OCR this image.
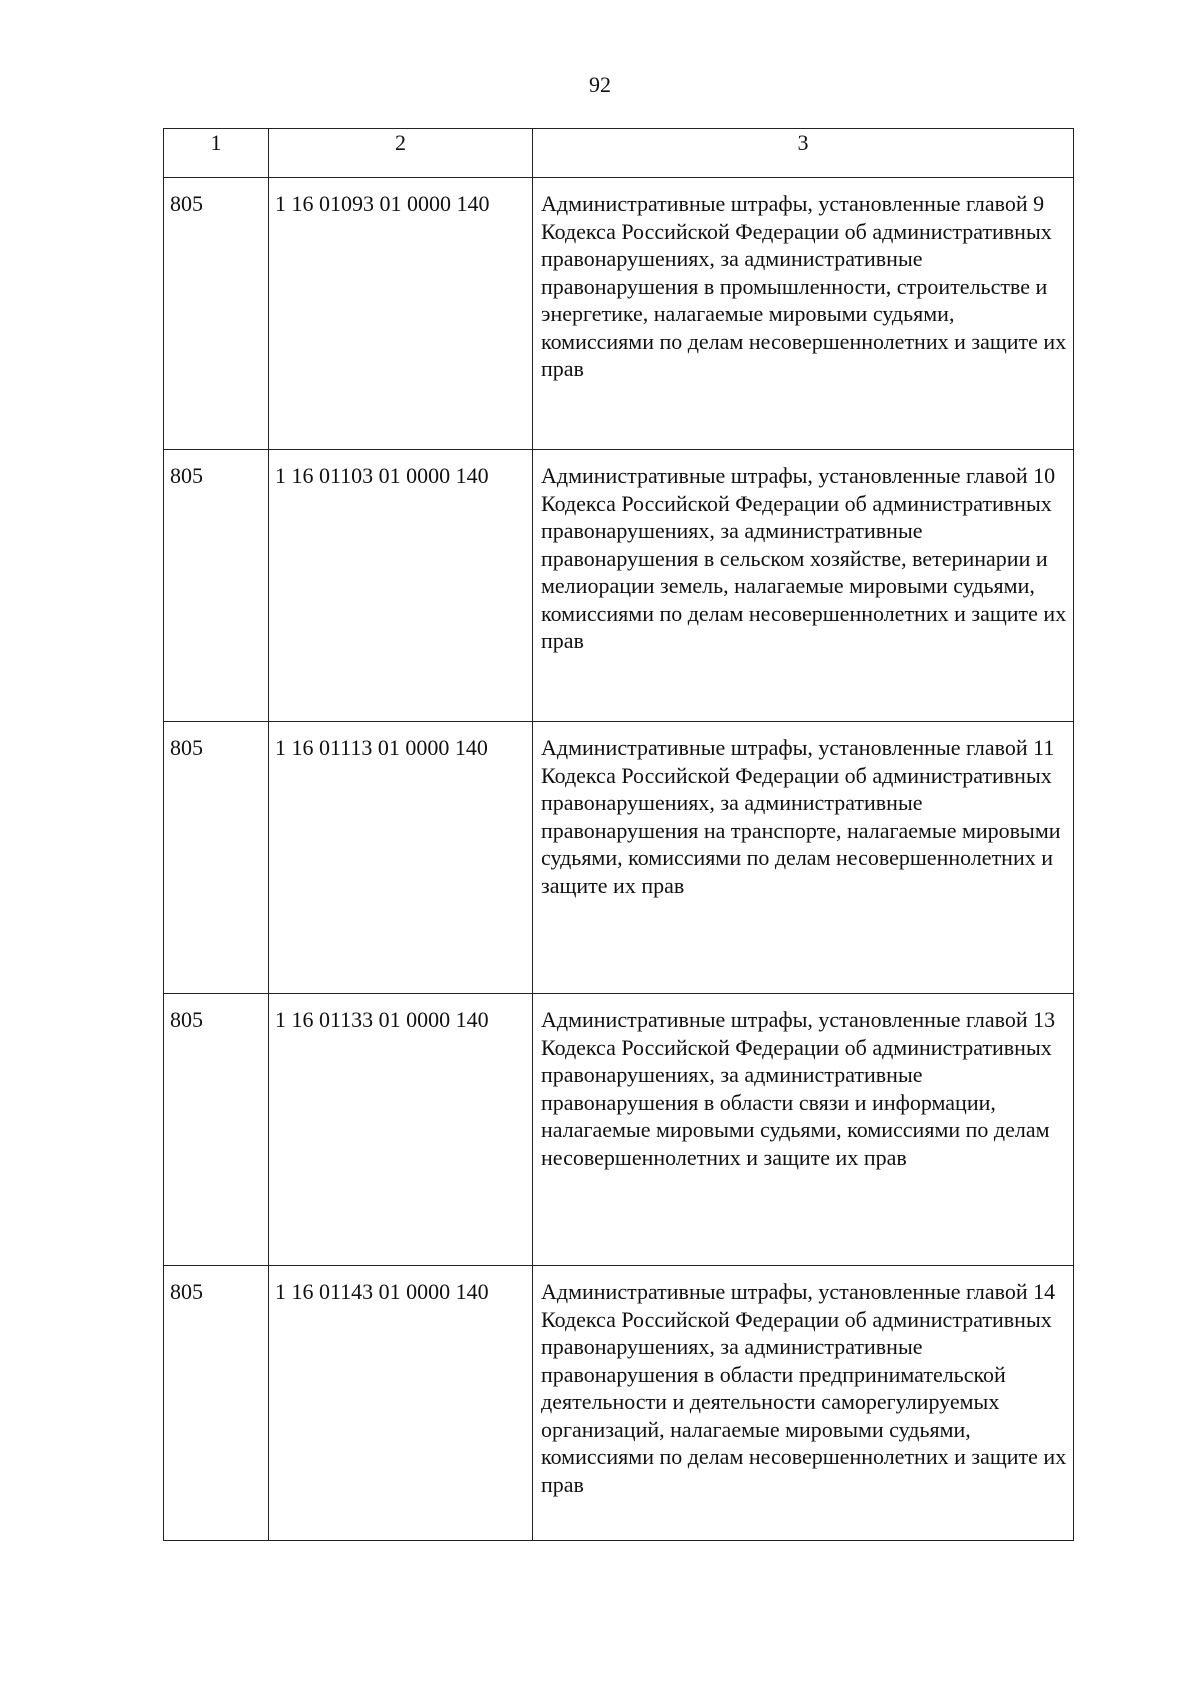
92
1	2	3
805	1 16 01093 01 0000 140	Административные штрафы, установленные главой 9 Кодекса Российской Федерации об административных правонарушениях, за административные правонарушения в промышленности, строительстве и энергетике, налагаемые мировыми судьями, комиссиями по делам несовершеннолетних и защите их прав
805	1 16 01103 01 0000 140	Административные штрафы, установленные главой 10 Кодекса Российской Федерации об административных правонарушениях, за административные правонарушения в сельском хозяйстве, ветеринарии и мелиорации земель, налагаемые мировыми судьями, комиссиями по делам несовершеннолетних и защите их прав
805	1 16 01113 01 0000 140	Административные штрафы, установленные главой 11 Кодекса Российской Федерации об административных правонарушениях, за административные правонарушения на транспорте, налагаемые мировыми судьями, комиссиями по делам несовершеннолетних и защите их прав
805	1 16 01133 01 0000 140	Административные штрафы, установленные главой 13 Кодекса Российской Федерации об административных правонарушениях, за административные правонарушения в области связи и информации, налагаемые мировыми судьями, комиссиями по делам несовершеннолетних и защите их прав
805	1 16 01143 01 0000 140	Административные штрафы, установленные главой 14 Кодекса Российской Федерации об административных правонарушениях, за административные правонарушения в области предпринимательской деятельности и деятельности саморегулируемых организаций, налагаемые мировыми судьями, комиссиями по делам несовершеннолетних и защите их прав
